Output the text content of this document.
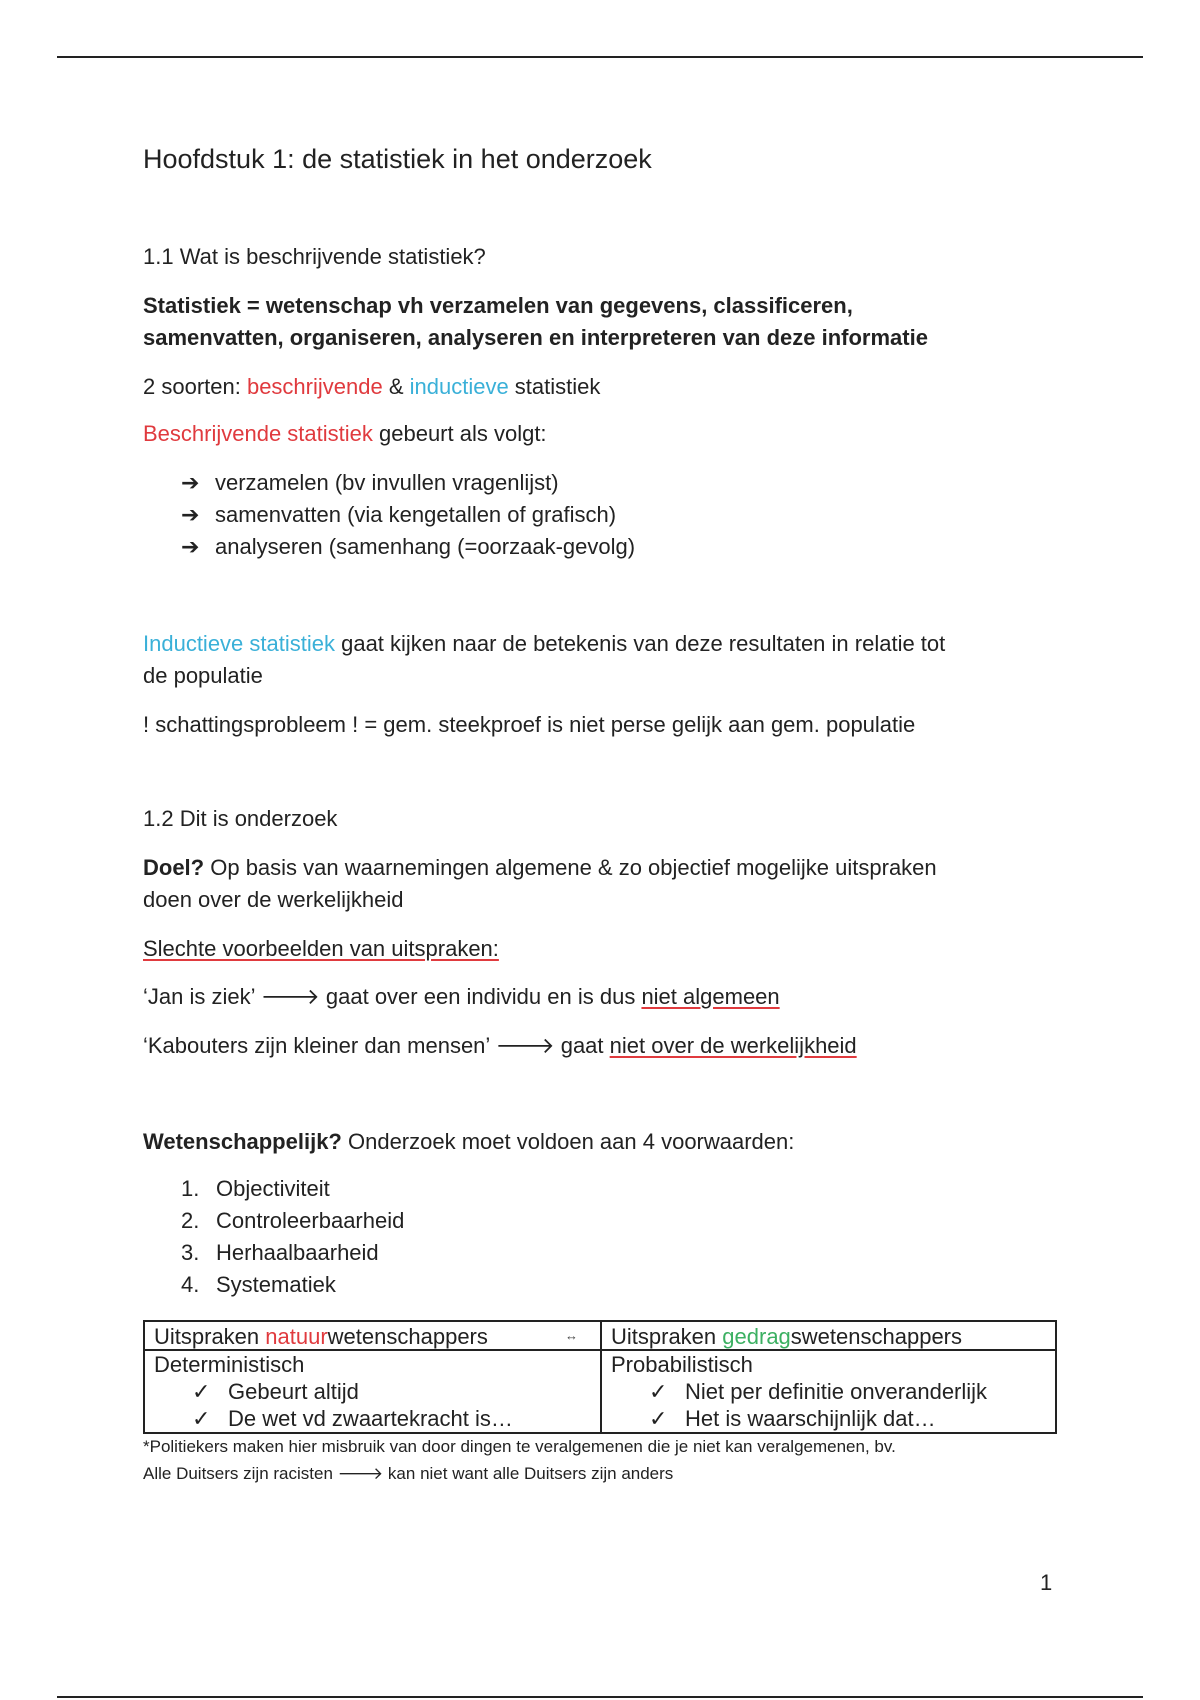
Hoofdstuk 1: de statistiek in het onderzoek
1.1 Wat is beschrijvende statistiek?
Statistiek = wetenschap vh verzamelen van gegevens, classificeren,
samenvatten, organiseren, analyseren en interpreteren van deze informatie
2 soorten: beschrijvende & inductieve statistiek
Beschrijvende statistiek gebeurt als volgt:
➔ verzamelen (bv invullen vragenlijst)
➔ samenvatten (via kengetallen of grafisch)
➔ analyseren (samenhang (=oorzaak-gevolg)
Inductieve statistiek gaat kijken naar de betekenis van deze resultaten in relatie tot
de populatie
! schattingsprobleem ! = gem. steekproef is niet perse gelijk aan gem. populatie
1.2 Dit is onderzoek
Doel? Op basis van waarnemingen algemene & zo objectief mogelijke uitspraken
doen over de werkelijkheid
Slechte voorbeelden van uitspraken:
‘Jan is ziek’ 🡒 gaat over een individu en is dus niet algemeen
‘Kabouters zijn kleiner dan mensen’ 🡒 gaat niet over de werkelijkheid
Wetenschappelijk? Onderzoek moet voldoen aan 4 voorwaarden:
1. Objectiviteit
2. Controleerbaarheid
3. Herhaalbaarheid
4. Systematiek
Uitspraken natuurwetenschappers	↔ Uitspraken gedragswetenschappers
Deterministisch
✓ Gebeurt altijd
✓ De wet vd zwaartekracht is…
Probabilistisch
✓ Niet per definitie onveranderlijk
✓ Het is waarschijnlijk dat…
*Politiekers maken hier misbruik van door dingen te veralgemenen die je niet kan veralgemenen, bv.
Alle Duitsers zijn racisten 🡒 kan niet want alle Duitsers zijn anders
1
